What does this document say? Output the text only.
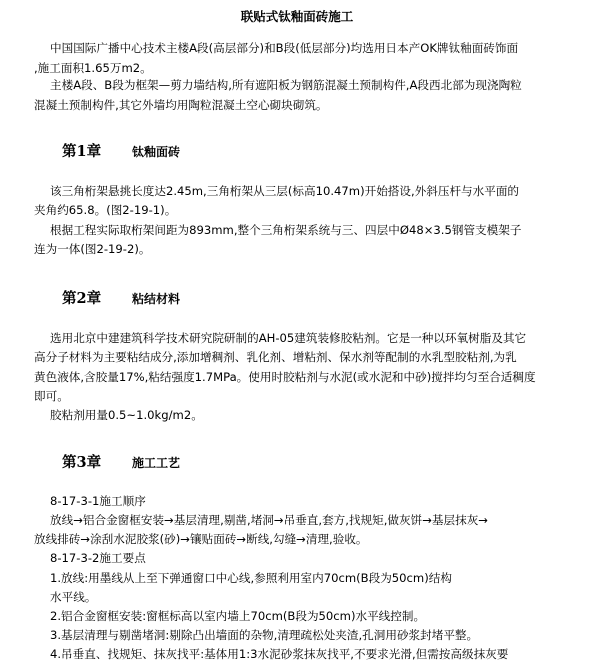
联贴式钛釉面砖施工
中国国际广播中心技术主楼A段(高层部分)和B段(低层部分)均选用日本产OK牌钛釉面砖饰面
,施工面积1.65万m2。
主楼A段、B段为框架—剪力墙结构,所有遮阳板为钢筋混凝土预制构件,A段西北部为现浇陶粒
混凝土预制构件,其它外墙均用陶粒混凝土空心砌块砌筑。
第1章	钛釉面砖
该三角桁架悬挑长度达2.45m,三角桁架从三层(标高10.47m)开始搭设,外斜压杆与水平面的
夹角约65.8。(图2-19-1)。
根据工程实际取桁架间距为893mm,整个三角桁架系统与三、四层中Ø48×3.5钢管支模架子
连为一体(图2-19-2)。
第2章	粘结材料
选用北京中建建筑科学技术研究院研制的AH-05建筑装修胶粘剂。它是一种以环氧树脂及其它
高分子材料为主要粘结成分,添加增稠剂、乳化剂、增粘剂、保水剂等配制的水乳型胶粘剂,为乳
黄色液体,含胶量17%,粘结强度1.7MPa。使用时胶粘剂与水泥(或水泥和中砂)搅拌均匀至合适稠度
即可。
胶粘剂用量0.5~1.0kg/m2。
第3章	施工工艺
8-17-3-1施工顺序
放线→铝合金窗框安装→基层清理,剔凿,堵洞→吊垂直,套方,找规矩,做灰饼→基层抹灰→
放线排砖→涂刮水泥胶浆(砂)→镶贴面砖→断线,勾缝→清理,验收。
8-17-3-2施工要点
1.放线:用墨线从上至下弹通窗口中心线,参照利用室内70cm(B段为50cm)结构
水平线。
2.铝合金窗框安装:窗框标高以室内墙上70cm(B段为50cm)水平线控制。
3.基层清理与剔凿堵洞:剔除凸出墙面的杂物,清理疏松处夹渣,孔洞用砂浆封堵平整。
4.吊垂直、找规矩、抹灰找平:基体用1:3水泥砂浆抹灰找平,不要求光滑,但需按高级抹灰要
